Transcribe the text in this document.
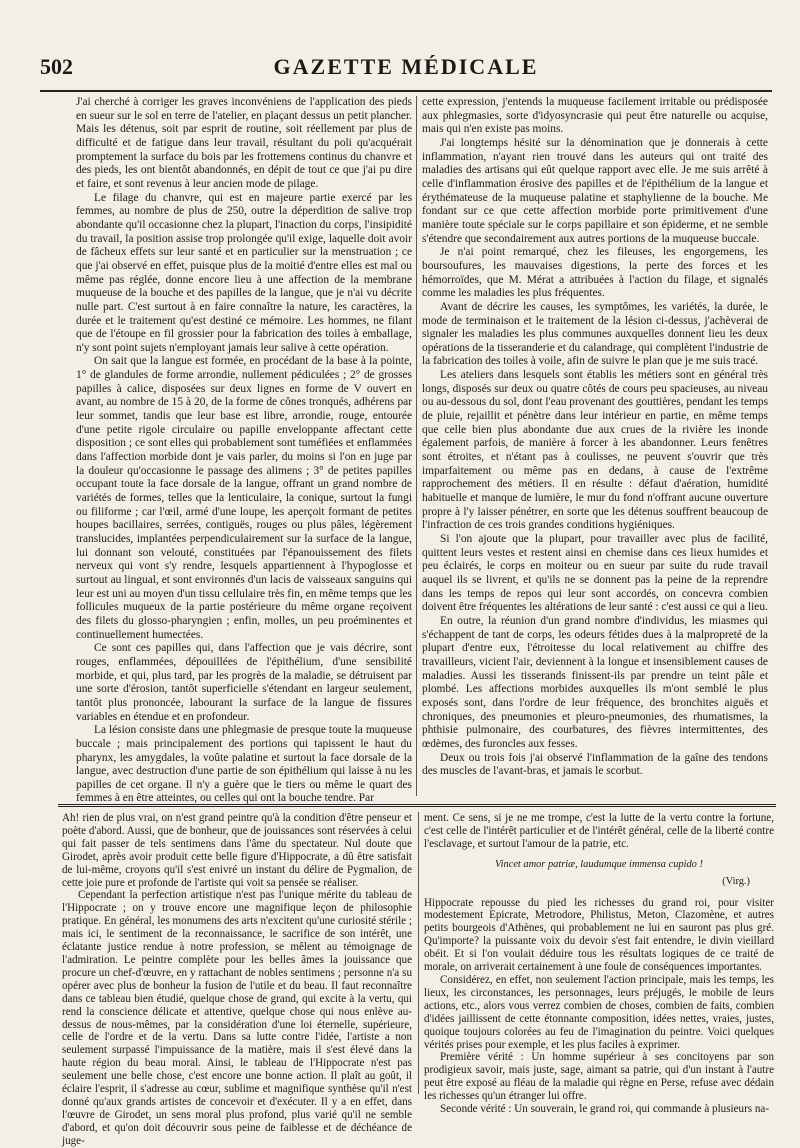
502	GAZETTE MÉDICALE

J'ai cherché à corriger les graves inconvéniens de l'application des pieds en sueur sur le sol en terre de l'atelier, en plaçant dessus un petit plancher. Mais les détenus, soit par esprit de routine, soit réellement par plus de difficulté et de fatigue dans leur travail, résultant du poli qu'acquérait promptement la surface du bois par les frottemens continus du chanvre et des pieds, les ont bientôt abandonnés, en dépit de tout ce que j'ai pu dire et faire, et sont revenus à leur ancien mode de pilage.

Le filage du chanvre, qui est en majeure partie exercé par les femmes, au nombre de plus de 250, outre la déperdition de salive trop abondante qu'il occasionne chez la plupart, l'inaction du corps, l'insipidité du travail, la position assise trop prolongée qu'il exige, laquelle doit avoir de fâcheux effets sur leur santé et en particulier sur la menstruation ; ce que j'ai observé en effet, puisque plus de la moitié d'entre elles est mal ou même pas réglée, donne encore lieu à une affection de la membrane muqueuse de la bouche et des papilles de la langue, que je n'ai vu décrite nulle part. C'est surtout à en faire connaître la nature, les caractères, la durée et le traitement qu'est destiné ce mémoire. Les hommes, ne filant que de l'étoupe en fil grossier pour la fabrication des toiles à emballage, n'y sont point sujets n'employant jamais leur salive à cette opération.

On sait que la langue est formée, en procédant de la base à la pointe, 1° de glandules de forme arrondie, nullement pédiculées ; 2° de grosses papilles à calice, disposées sur deux lignes en forme de V ouvert en avant, au nombre de 15 à 20, de la forme de cônes tronqués, adhérens par leur sommet, tandis que leur base est libre, arrondie, rouge, entourée d'une petite rigole circulaire ou papille enveloppante affectant cette disposition ; ce sont elles qui probablement sont tuméfiées et enflammées dans l'affection morbide dont je vais parler, du moins si l'on en juge par la douleur qu'occasionne le passage des alimens ; 3° de petites papilles occupant toute la face dorsale de la langue, offrant un grand nombre de variétés de formes, telles que la lenticulaire, la conique, surtout la fungi ou filiforme ; car l'œil, armé d'une loupe, les aperçoit formant de petites houpes bacillaires, serrées, contiguës, rouges ou plus pâles, légèrement translucides, implantées perpendiculairement sur la surface de la langue, lui donnant son velouté, constituées par l'épanouissement des filets nerveux qui vont s'y rendre, lesquels appartiennent à l'hypoglosse et surtout au lingual, et sont environnés d'un lacis de vaisseaux sanguins qui leur est uni au moyen d'un tissu cellulaire très fin, en même temps que les follicules muqueux de la partie postérieure du même organe reçoivent des filets du glosso-pharyngien ; enfin, molles, un peu proéminentes et continuellement humectées.

Ce sont ces papilles qui, dans l'affection que je vais décrire, sont rouges, enflammées, dépouillées de l'épithélium, d'une sensibilité morbide, et qui, plus tard, par les progrès de la maladie, se détruisent par une sorte d'érosion, tantôt superficielle s'étendant en largeur seulement, tantôt plus prononcée, labourant la surface de la langue de fissures variables en étendue et en profondeur.

La lésion consiste dans une phlegmasie de presque toute la muqueuse buccale ; mais principalement des portions qui tapissent le haut du pharynx, les amygdales, la voûte palatine et surtout la face dorsale de la langue, avec destruction d'une partie de son épithélium qui laisse à nu les papilles de cet organe. Il n'y a guère que le tiers ou même le quart des femmes à en être atteintes, ou celles qui ont la bouche tendre. Par

cette expression, j'entends la muqueuse facilement irritable ou prédisposée aux phlegmasies, sorte d'idyosyncrasie qui peut être naturelle ou acquise, mais qui n'en existe pas moins.

J'ai longtemps hésité sur la dénomination que je donnerais à cette inflammation, n'ayant rien trouvé dans les auteurs qui ont traité des maladies des artisans qui eût quelque rapport avec elle. Je me suis arrêté à celle d'inflammation érosive des papilles et de l'épithélium de la langue et érythémateuse de la muqueuse palatine et staphylienne de la bouche. Me fondant sur ce que cette affection morbide porte primitivement d'une manière toute spéciale sur le corps papillaire et son épiderme, et ne semble s'étendre que secondairement aux autres portions de la muqueuse buccale.

Je n'ai point remarqué, chez les fileuses, les engorgemens, les boursoufures, les mauvaises digestions, la perte des forces et les hémorroïdes, que M. Mérat a attribuées à l'action du filage, et signalés comme les maladies les plus fréquentes.

Avant de décrire les causes, les symptômes, les variétés, la durée, le mode de terminaison et le traitement de la lésion ci-dessus, j'achèverai de signaler les maladies les plus communes auxquelles donnent lieu les deux opérations de la tisseranderie et du calandrage, qui complètent l'industrie de la fabrication des toiles à voile, afin de suivre le plan que je me suis tracé.

Les ateliers dans lesquels sont établis les métiers sont en général très longs, disposés sur deux ou quatre côtés de cours peu spacieuses, au niveau ou au-dessous du sol, dont l'eau provenant des gouttières, pendant les temps de pluie, rejaillit et pénètre dans leur intérieur en partie, en même temps que celle bien plus abondante due aux crues de la rivière les inonde également parfois, de manière à forcer à les abandonner. Leurs fenêtres sont étroites, et n'étant pas à coulisses, ne peuvent s'ouvrir que très imparfaitement ou même pas en dedans, à cause de l'extrême rapprochement des métiers. Il en résulte : défaut d'aération, humidité habituelle et manque de lumière, le mur du fond n'offrant aucune ouverture propre à l'y laisser pénétrer, en sorte que les détenus souffrent beaucoup de l'infraction de ces trois grandes conditions hygiéniques.

Si l'on ajoute que la plupart, pour travailler avec plus de facilité, quittent leurs vestes et restent ainsi en chemise dans ces lieux humides et peu éclairés, le corps en moiteur ou en sueur par suite du rude travail auquel ils se livrent, et qu'ils ne se donnent pas la peine de la reprendre dans les temps de repos qui leur sont accordés, on concevra combien doivent être fréquentes les altérations de leur santé : c'est aussi ce qui a lieu.

En outre, la réunion d'un grand nombre d'individus, les miasmes qui s'échappent de tant de corps, les odeurs fétides dues à la malpropreté de la plupart d'entre eux, l'étroitesse du local relativement au chiffre des travailleurs, vicient l'air, deviennent à la longue et insensiblement causes de maladies. Aussi les tisserands finissent-ils par prendre un teint pâle et plombé. Les affections morbides auxquelles ils m'ont semblé le plus exposés sont, dans l'ordre de leur fréquence, des bronchites aiguës et chroniques, des pneumonies et pleuro-pneumonies, des rhumatismes, la phthisie pulmonaire, des courbatures, des fièvres intermittentes, des œdèmes, des furoncles aux fesses.

Deux ou trois fois j'ai observé l'inflammation de la gaîne des tendons des muscles de l'avant-bras, et jamais le scorbut.

Ah! rien de plus vrai, on n'est grand peintre qu'à la condition d'être penseur et poète d'abord. Aussi, que de bonheur, que de jouissances sont réservées à celui qui fait passer de tels sentimens dans l'âme du spectateur. Nul doute que Girodet, après avoir produit cette belle figure d'Hippocrate, a dû être satisfait de lui-même, croyons qu'il s'est enivré un instant du délire de Pygmalion, de cette joie pure et profonde de l'artiste qui voit sa pensée se réaliser.

Cependant la perfection artistique n'est pas l'unique mérite du tableau de l'Hippocrate ; on y trouve encore une magnifique leçon de philosophie pratique. En général, les monumens des arts n'excitent qu'une curiosité stérile ; mais ici, le sentiment de la reconnaissance, le sacrifice de son intérêt, une éclatante justice rendue à notre profession, se mêlent au témoignage de l'admiration. Le peintre complète pour les belles âmes la jouissance que procure un chef-d'œuvre, en y rattachant de nobles sentimens ; personne n'a su opérer avec plus de bonheur la fusion de l'utile et du beau. Il faut reconnaître dans ce tableau bien étudié, quelque chose de grand, qui excite à la vertu, qui rend la conscience délicate et attentive, quelque chose qui nous enlève au-dessus de nous-mêmes, par la considération d'une loi éternelle, supérieure, celle de l'ordre et de la vertu. Dans sa lutte contre l'idée, l'artiste a non seulement surpassé l'impuissance de la matière, mais il s'est élevé dans la haute région du beau moral. Ainsi, le tableau de l'Hippocrate n'est pas seulement une belle chose, c'est encore une bonne action. Il plaît au goût, il éclaire l'esprit, il s'adresse au cœur, sublime et magnifique synthèse qu'il n'est donné qu'aux grands artistes de concevoir et d'exécuter. Il y a en effet, dans l'œuvre de Girodet, un sens moral plus profond, plus varié qu'il ne semble d'abord, et qu'on doit découvrir sous peine de faiblesse et de déchéance de juge-

ment. Ce sens, si je ne me trompe, c'est la lutte de la vertu contre la fortune, c'est celle de l'intérêt particulier et de l'intérêt général, celle de la liberté contre l'esclavage, et surtout l'amour de la patrie, etc.

Vincet amor patriæ, laudumque immensa cupido !
(Virg.)

Hippocrate repousse du pied les richesses du grand roi, pour visiter modestement Epicrate, Metrodore, Philistus, Meton, Clazomène, et autres petits bourgeois d'Athènes, qui probablement ne lui en sauront pas plus gré. Qu'importe? la puissante voix du devoir s'est fait entendre, le divin vieillard obéit. Et si l'on voulait déduire tous les résultats logiques de ce traité de morale, on arriverait certainement à une foule de conséquences importantes.

Considérez, en effet, non seulement l'action principale, mais les temps, les lieux, les circonstances, les personnages, leurs préjugés, le mobile de leurs actions, etc., alors vous verrez combien de choses, combien de faits, combien d'idées jaillissent de cette étonnante composition, idées nettes, vraies, justes, quoique toujours colorées au feu de l'imagination du peintre. Voici quelques vérités prises pour exemple, et les plus faciles à exprimer.

Première vérité : Un homme supérieur à ses concitoyens par son prodigieux savoir, mais juste, sage, aimant sa patrie, qui d'un instant à l'autre peut être exposé au fléau de la maladie qui règne en Perse, refuse avec dédain les richesses qu'un étranger lui offre.

Seconde vérité : Un souverain, le grand roi, qui commande à plusieurs na-
